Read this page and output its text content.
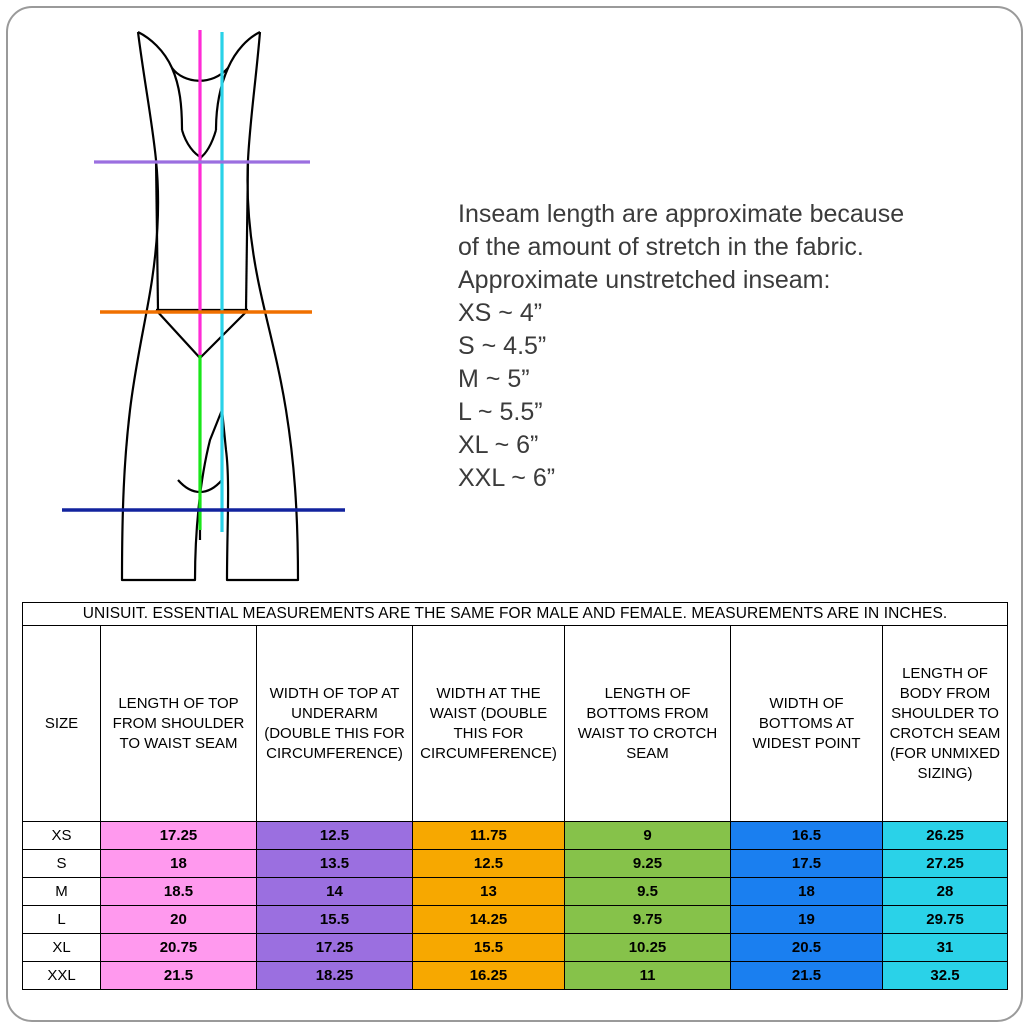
Inseam length are approximate because
of the amount of stretch in the fabric.
Approximate unstretched inseam:
XS ~ 4”
S ~ 4.5”
M ~ 5”
L ~ 5.5”
XL ~ 6”
XXL ~ 6”
UNISUIT. ESSENTIAL MEASUREMENTS ARE THE SAME FOR MALE AND FEMALE. MEASUREMENTS ARE IN INCHES.						
SIZE	LENGTH OF TOP FROM SHOULDER TO WAIST SEAM	WIDTH OF TOP AT UNDERARM (DOUBLE THIS FOR CIRCUMFERENCE)	WIDTH AT THE WAIST (DOUBLE THIS FOR CIRCUMFERENCE)	LENGTH OF BOTTOMS FROM WAIST TO CROTCH SEAM	WIDTH OF BOTTOMS AT WIDEST POINT	LENGTH OF BODY FROM SHOULDER TO CROTCH SEAM (FOR UNMIXED SIZING)
XS	17.25	12.5	11.75	9	16.5	26.25
S	18	13.5	12.5	9.25	17.5	27.25
M	18.5	14	13	9.5	18	28
L	20	15.5	14.25	9.75	19	29.75
XL	20.75	17.25	15.5	10.25	20.5	31
XXL	21.5	18.25	16.25	11	21.5	32.5
